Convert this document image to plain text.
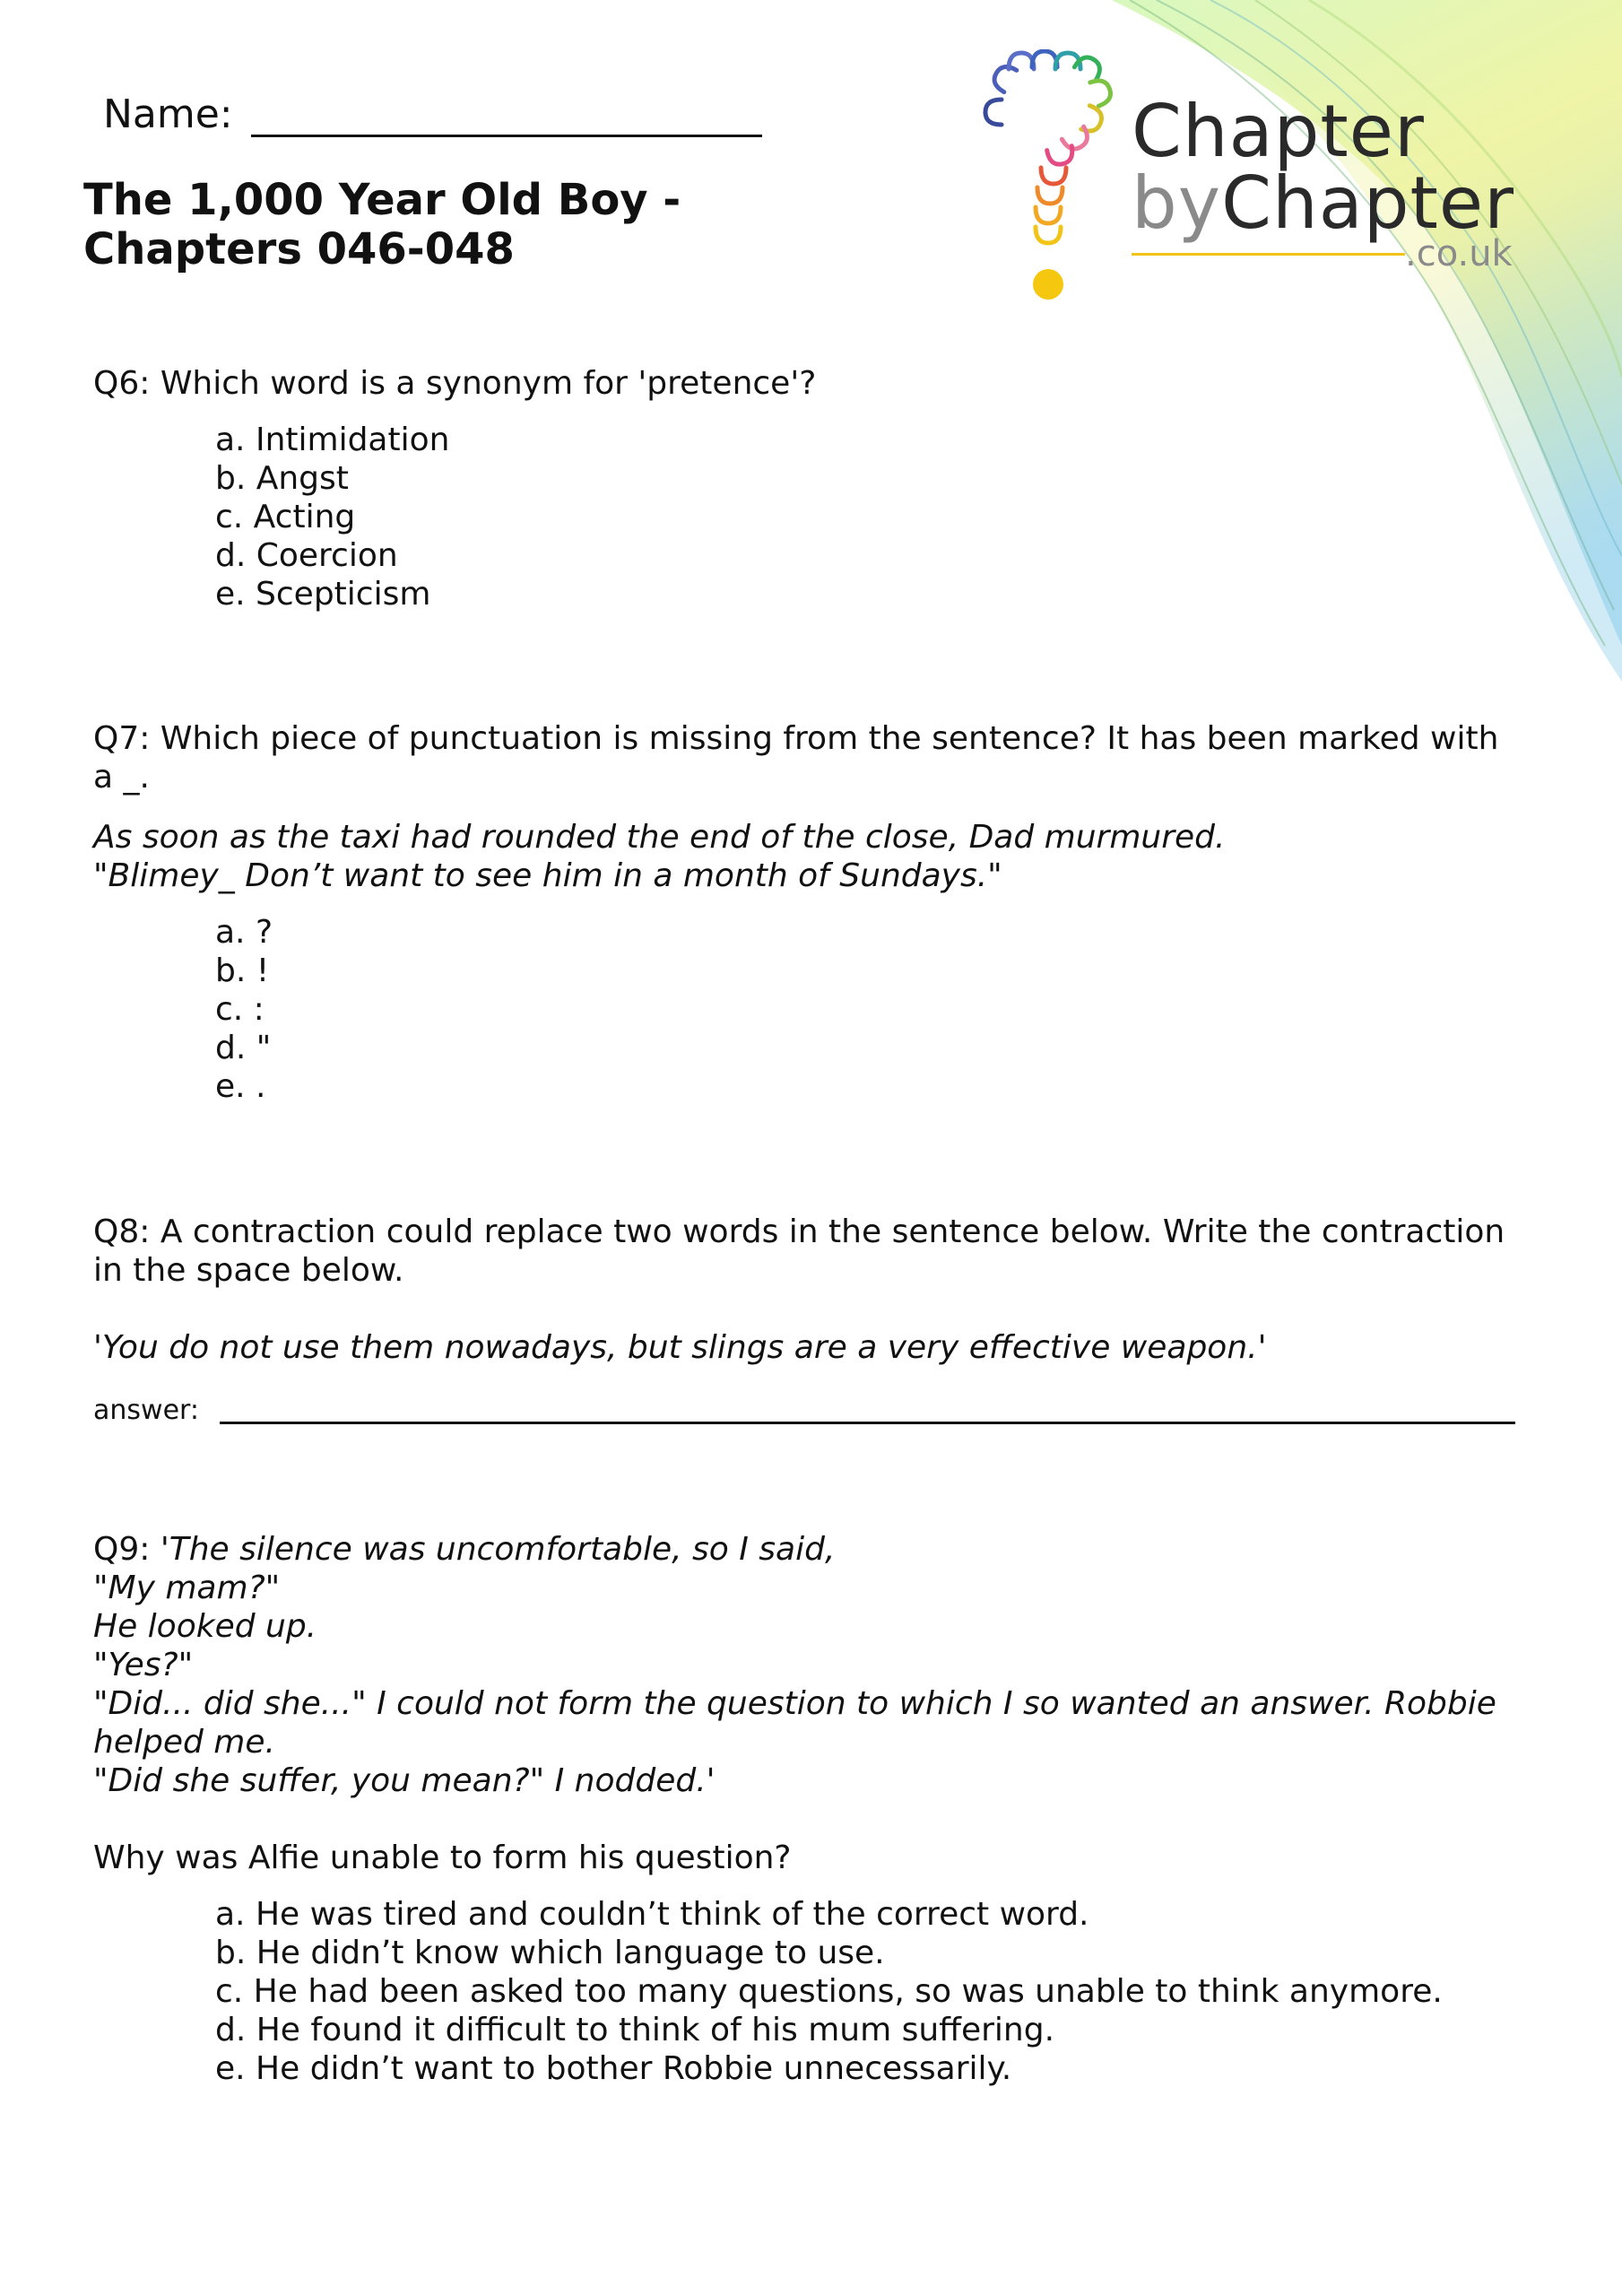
Chapter
byChapter
.co.uk
Name:
The 1,000 Year Old Boy -
Chapters 046-048

Q6: Which word is a synonym for 'pretence'?

a. Intimidation
b. Angst
c. Acting
d. Coercion
e. Scepticism

Q7: Which piece of punctuation is missing from the sentence? It has been marked with

a _.

As soon as the taxi had rounded the end of the close, Dad murmured.

"Blimey_ Don’t want to see him in a month of Sundays."

a. ?
b. !
c. :
d. "
e. .

Q8: A contraction could replace two words in the sentence below. Write the contraction

in the space below.

'You do not use them nowadays, but slings are a very effective weapon.'

answer:

Q9: 'The silence was uncomfortable, so I said,

"My mam?"

He looked up.

"Yes?"

"Did... did she..." I could not form the question to which I so wanted an answer. Robbie

helped me.

"Did she suffer, you mean?" I nodded.'

Why was Alfie unable to form his question?

a. He was tired and couldn’t think of the correct word.
b. He didn’t know which language to use.
c. He had been asked too many questions, so was unable to think anymore.
d. He found it difficult to think of his mum suffering.
e. He didn’t want to bother Robbie unnecessarily.
